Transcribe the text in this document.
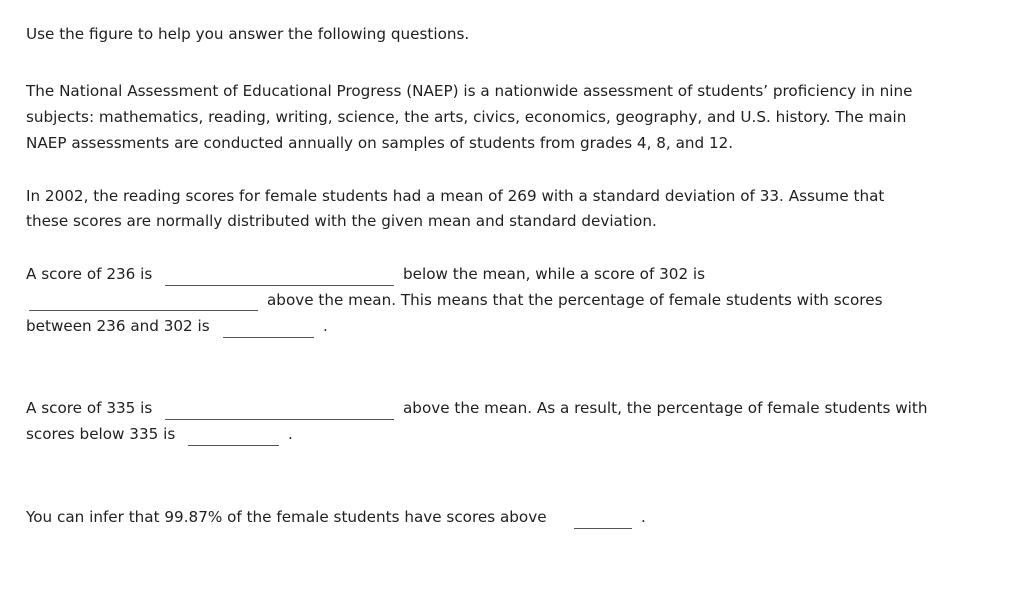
Use the figure to help you answer the following questions.
The National Assessment of Educational Progress (NAEP) is a nationwide assessment of students’ proficiency in nine
subjects: mathematics, reading, writing, science, the arts, civics, economics, geography, and U.S. history. The main
NAEP assessments are conducted annually on samples of students from grades 4, 8, and 12.
In 2002, the reading scores for female students had a mean of 269 with a standard deviation of 33. Assume that
these scores are normally distributed with the given mean and standard deviation.
A score of 236 is	below the mean, while a score of 302 is
above the mean. This means that the percentage of female students with scores
between 236 and 302 is	.
A score of 335 is	above the mean. As a result, the percentage of female students with
scores below 335 is	.
You can infer that 99.87% of the female students have scores above	.
